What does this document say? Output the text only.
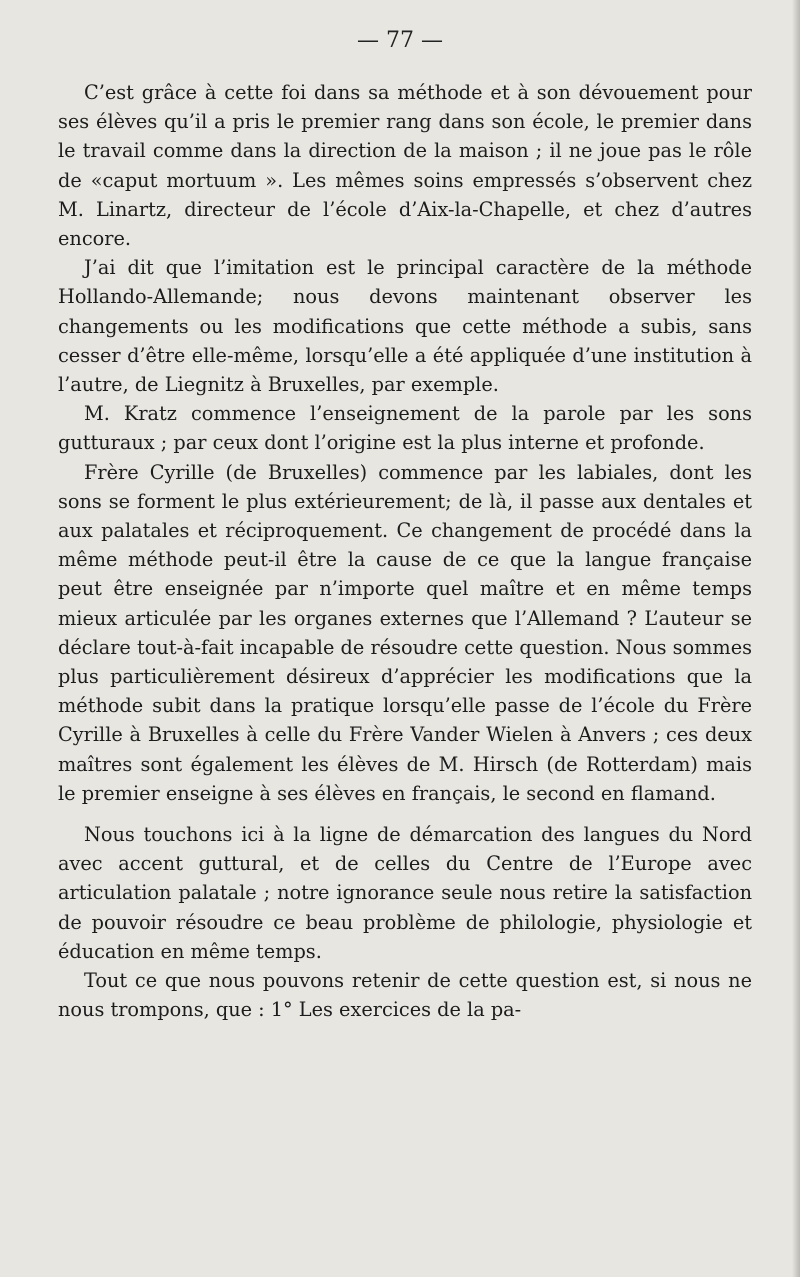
— 77 —

C’est grâce à cette foi dans sa méthode et à son dévouement pour ses élèves qu’il a pris le premier rang dans son école, le premier dans le travail comme dans la direction de la maison ; il ne joue pas le rôle de «caput mortuum ». Les mêmes soins empressés s’observent chez M. Linartz, directeur de l’école d’Aix-la-Chapelle, et chez d’autres encore.

J’ai dit que l’imitation est le principal caractère de la méthode Hollando-Allemande; nous devons maintenant observer les changements ou les modifications que cette méthode a subis, sans cesser d’être elle-même, lorsqu’elle a été appliquée d’une institution à l’autre, de Liegnitz à Bruxelles, par exemple.

M. Kratz commence l’enseignement de la parole par les sons gutturaux ; par ceux dont l’origine est la plus interne et profonde.

Frère Cyrille (de Bruxelles) commence par les labiales, dont les sons se forment le plus extérieurement; de là, il passe aux dentales et aux palatales et réciproquement. Ce changement de procédé dans la même méthode peut-il être la cause de ce que la langue française peut être enseignée par n’importe quel maître et en même temps mieux articulée par les organes externes que l’Allemand ? L’auteur se déclare tout-à-fait incapable de résoudre cette question. Nous sommes plus particulièrement désireux d’apprécier les modifications que la méthode subit dans la pratique lorsqu’elle passe de l’école du Frère Cyrille à Bruxelles à celle du Frère Vander Wielen à Anvers ; ces deux maîtres sont également les élèves de M. Hirsch (de Rotterdam) mais le premier enseigne à ses élèves en français, le second en flamand.

Nous touchons ici à la ligne de démarcation des langues du Nord avec accent guttural, et de celles du Centre de l’Europe avec articulation palatale ; notre ignorance seule nous retire la satisfaction de pouvoir résoudre ce beau problème de philologie, physiologie et éducation en même temps.

Tout ce que nous pouvons retenir de cette question est, si nous ne nous trompons, que : 1° Les exercices de la pa-
